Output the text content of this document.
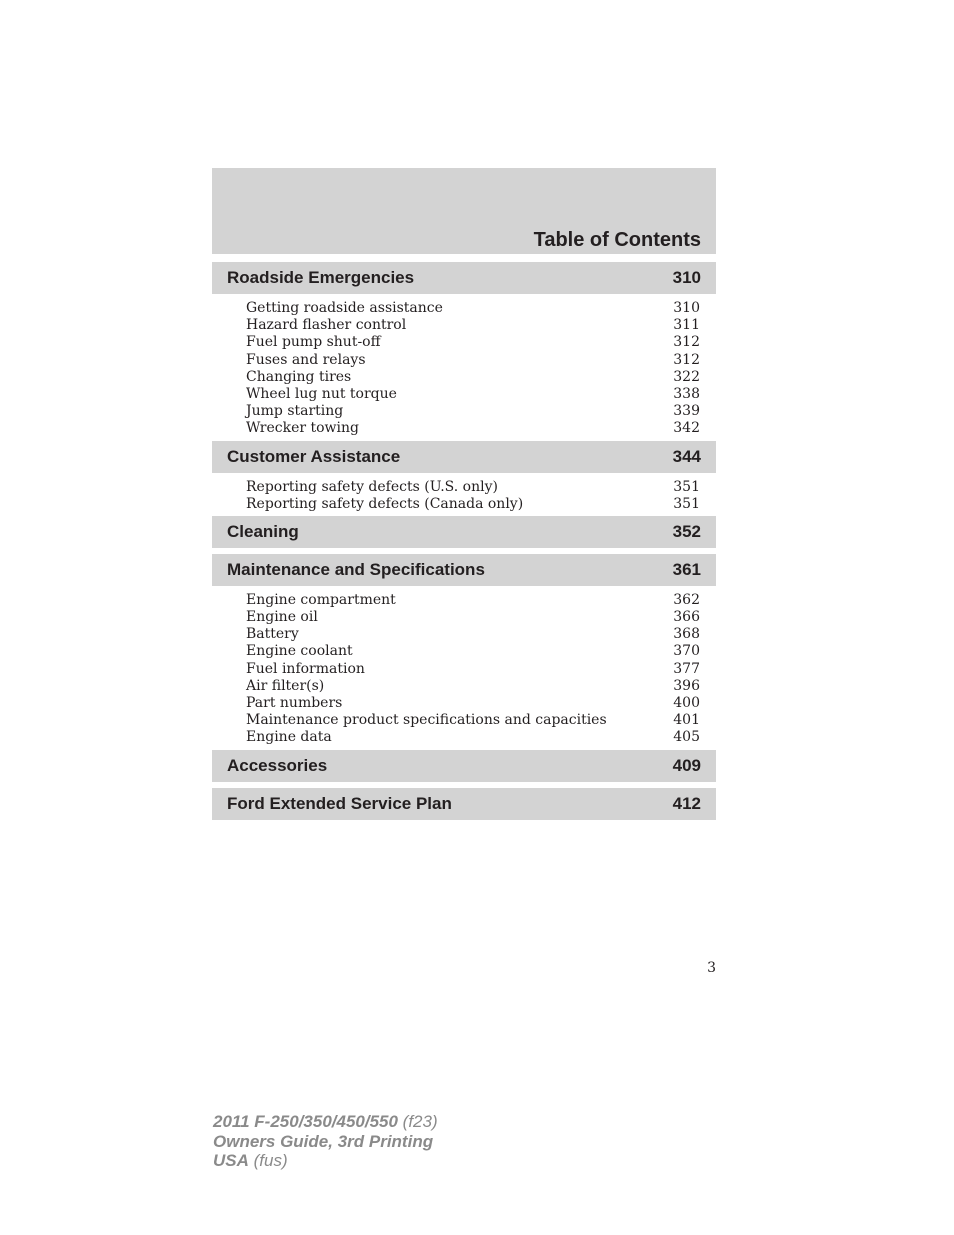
Table of Contents
Roadside Emergencies	310
Getting roadside assistance	310
Hazard flasher control	311
Fuel pump shut-off	312
Fuses and relays	312
Changing tires	322
Wheel lug nut torque	338
Jump starting	339
Wrecker towing	342
Customer Assistance	344
Reporting safety defects (U.S. only)	351
Reporting safety defects (Canada only)	351
Cleaning	352
Maintenance and Specifications	361
Engine compartment	362
Engine oil	366
Battery	368
Engine coolant	370
Fuel information	377
Air filter(s)	396
Part numbers	400
Maintenance product specifications and capacities	401
Engine data	405
Accessories	409
Ford Extended Service Plan	412
3
2011 F-250/350/450/550 (f23)
Owners Guide, 3rd Printing
USA (fus)
